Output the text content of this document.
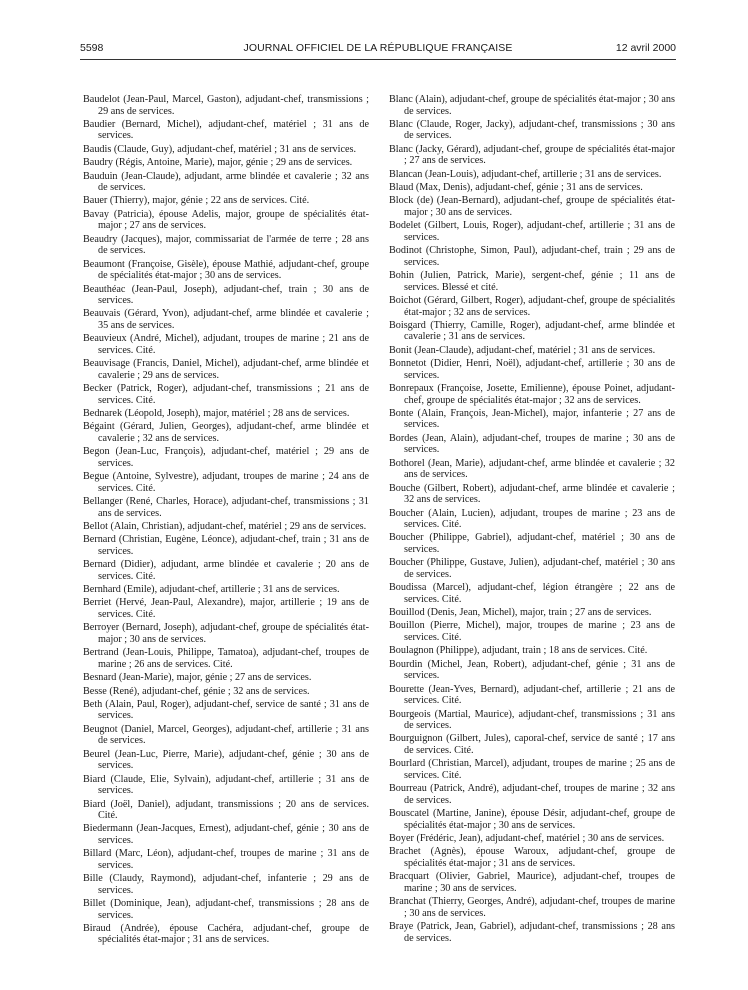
5598	JOURNAL OFFICIEL DE LA RÉPUBLIQUE FRANÇAISE	12 avril 2000

Baudelot (Jean-Paul, Marcel, Gaston), adjudant-chef, transmissions ; 29 ans de services.

Baudier (Bernard, Michel), adjudant-chef, matériel ; 31 ans de services.

Baudis (Claude, Guy), adjudant-chef, matériel ; 31 ans de services.

Baudry (Régis, Antoine, Marie), major, génie ; 29 ans de services.

Bauduin (Jean-Claude), adjudant, arme blindée et cavalerie ; 32 ans de services.

Bauer (Thierry), major, génie ; 22 ans de services. Cité.

Bavay (Patricia), épouse Adelis, major, groupe de spécialités état-major ; 27 ans de services.

Beaudry (Jacques), major, commissariat de l'armée de terre ; 28 ans de services.

Beaumont (Françoise, Gisèle), épouse Mathié, adjudant-chef, groupe de spécialités état-major ; 30 ans de services.

Beauthéac (Jean-Paul, Joseph), adjudant-chef, train ; 30 ans de services.

Beauvais (Gérard, Yvon), adjudant-chef, arme blindée et cavalerie ; 35 ans de services.

Beauvieux (André, Michel), adjudant, troupes de marine ; 21 ans de services. Cité.

Beauvisage (Francis, Daniel, Michel), adjudant-chef, arme blindée et cavalerie ; 29 ans de services.

Becker (Patrick, Roger), adjudant-chef, transmissions ; 21 ans de services. Cité.

Bednarek (Léopold, Joseph), major, matériel ; 28 ans de services.

Bégaint (Gérard, Julien, Georges), adjudant-chef, arme blindée et cavalerie ; 32 ans de services.

Begon (Jean-Luc, François), adjudant-chef, matériel ; 29 ans de services.

Begue (Antoine, Sylvestre), adjudant, troupes de marine ; 24 ans de services. Cité.

Bellanger (René, Charles, Horace), adjudant-chef, transmissions ; 31 ans de services.

Bellot (Alain, Christian), adjudant-chef, matériel ; 29 ans de services.

Bernard (Christian, Eugène, Léonce), adjudant-chef, train ; 31 ans de services.

Bernard (Didier), adjudant, arme blindée et cavalerie ; 20 ans de services. Cité.

Bernhard (Emile), adjudant-chef, artillerie ; 31 ans de services.

Berriet (Hervé, Jean-Paul, Alexandre), major, artillerie ; 19 ans de services. Cité.

Berroyer (Bernard, Joseph), adjudant-chef, groupe de spécialités état-major ; 30 ans de services.

Bertrand (Jean-Louis, Philippe, Tamatoa), adjudant-chef, troupes de marine ; 26 ans de services. Cité.

Besnard (Jean-Marie), major, génie ; 27 ans de services.

Besse (René), adjudant-chef, génie ; 32 ans de services.

Beth (Alain, Paul, Roger), adjudant-chef, service de santé ; 31 ans de services.

Beugnot (Daniel, Marcel, Georges), adjudant-chef, artillerie ; 31 ans de services.

Beurel (Jean-Luc, Pierre, Marie), adjudant-chef, génie ; 30 ans de services.

Biard (Claude, Elie, Sylvain), adjudant-chef, artillerie ; 31 ans de services.

Biard (Joël, Daniel), adjudant, transmissions ; 20 ans de services. Cité.

Biedermann (Jean-Jacques, Ernest), adjudant-chef, génie ; 30 ans de services.

Billard (Marc, Léon), adjudant-chef, troupes de marine ; 31 ans de services.

Bille (Claudy, Raymond), adjudant-chef, infanterie ; 29 ans de services.

Billet (Dominique, Jean), adjudant-chef, transmissions ; 28 ans de services.

Biraud (Andrée), épouse Cachéra, adjudant-chef, groupe de spécialités état-major ; 31 ans de services.

Blanc (Alain), adjudant-chef, groupe de spécialités état-major ; 30 ans de services.

Blanc (Claude, Roger, Jacky), adjudant-chef, transmissions ; 30 ans de services.

Blanc (Jacky, Gérard), adjudant-chef, groupe de spécialités état-major ; 27 ans de services.

Blancan (Jean-Louis), adjudant-chef, artillerie ; 31 ans de services.

Blaud (Max, Denis), adjudant-chef, génie ; 31 ans de services.

Block (de) (Jean-Bernard), adjudant-chef, groupe de spécialités état-major ; 30 ans de services.

Bodelet (Gilbert, Louis, Roger), adjudant-chef, artillerie ; 31 ans de services.

Bodinot (Christophe, Simon, Paul), adjudant-chef, train ; 29 ans de services.

Bohin (Julien, Patrick, Marie), sergent-chef, génie ; 11 ans de services. Blessé et cité.

Boichot (Gérard, Gilbert, Roger), adjudant-chef, groupe de spécialités état-major ; 32 ans de services.

Boisgard (Thierry, Camille, Roger), adjudant-chef, arme blindée et cavalerie ; 31 ans de services.

Bonit (Jean-Claude), adjudant-chef, matériel ; 31 ans de services.

Bonnetot (Didier, Henri, Noël), adjudant-chef, artillerie ; 30 ans de services.

Bonrepaux (Françoise, Josette, Emilienne), épouse Poinet, adjudant-chef, groupe de spécialités état-major ; 32 ans de services.

Bonte (Alain, François, Jean-Michel), major, infanterie ; 27 ans de services.

Bordes (Jean, Alain), adjudant-chef, troupes de marine ; 30 ans de services.

Bothorel (Jean, Marie), adjudant-chef, arme blindée et cavalerie ; 32 ans de services.

Bouche (Gilbert, Robert), adjudant-chef, arme blindée et cavalerie ; 32 ans de services.

Boucher (Alain, Lucien), adjudant, troupes de marine ; 23 ans de services. Cité.

Boucher (Philippe, Gabriel), adjudant-chef, matériel ; 30 ans de services.

Boucher (Philippe, Gustave, Julien), adjudant-chef, matériel ; 30 ans de services.

Boudissa (Marcel), adjudant-chef, légion étrangère ; 22 ans de services. Cité.

Bouillod (Denis, Jean, Michel), major, train ; 27 ans de services.

Bouillon (Pierre, Michel), major, troupes de marine ; 23 ans de services. Cité.

Boulagnon (Philippe), adjudant, train ; 18 ans de services. Cité.

Bourdin (Michel, Jean, Robert), adjudant-chef, génie ; 31 ans de services.

Bourette (Jean-Yves, Bernard), adjudant-chef, artillerie ; 21 ans de services. Cité.

Bourgeois (Martial, Maurice), adjudant-chef, transmissions ; 31 ans de services.

Bourguignon (Gilbert, Jules), caporal-chef, service de santé ; 17 ans de services. Cité.

Bourlard (Christian, Marcel), adjudant, troupes de marine ; 25 ans de services. Cité.

Bourreau (Patrick, André), adjudant-chef, troupes de marine ; 32 ans de services.

Bouscatel (Martine, Janine), épouse Désir, adjudant-chef, groupe de spécialités état-major ; 30 ans de services.

Boyer (Frédéric, Jean), adjudant-chef, matériel ; 30 ans de services.

Brachet (Agnès), épouse Waroux, adjudant-chef, groupe de spécialités état-major ; 31 ans de services.

Bracquart (Olivier, Gabriel, Maurice), adjudant-chef, troupes de marine ; 30 ans de services.

Branchat (Thierry, Georges, André), adjudant-chef, troupes de marine ; 30 ans de services.

Braye (Patrick, Jean, Gabriel), adjudant-chef, transmissions ; 28 ans de services.
